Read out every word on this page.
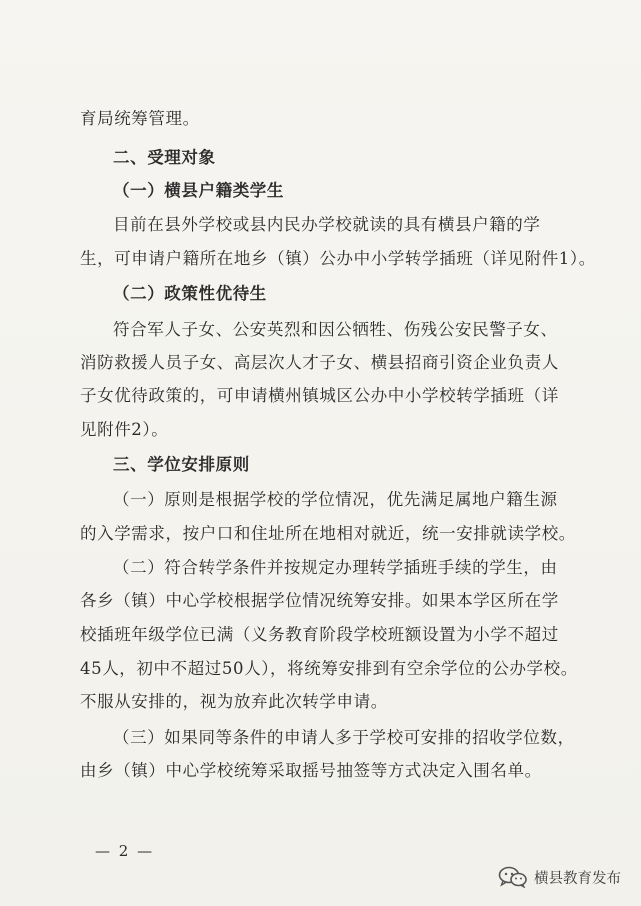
育局统筹管理。
二、受理对象
（一）横县户籍类学生
目前在县外学校或县内民办学校就读的具有横县户籍的学
生，可申请户籍所在地乡（镇）公办中小学转学插班（详见附件1）。
（二）政策性优待生
符合军人子女、公安英烈和因公牺牲、伤残公安民警子女、
消防救援人员子女、高层次人才子女、横县招商引资企业负责人
子女优待政策的，可申请横州镇城区公办中小学校转学插班（详
见附件2）。
三、学位安排原则
（一）原则是根据学校的学位情况，优先满足属地户籍生源
的入学需求，按户口和住址所在地相对就近，统一安排就读学校。
（二）符合转学条件并按规定办理转学插班手续的学生，由
各乡（镇）中心学校根据学位情况统筹安排。如果本学区所在学
校插班年级学位已满（义务教育阶段学校班额设置为小学不超过
45人，初中不超过50人），将统筹安排到有空余学位的公办学校。
不服从安排的，视为放弃此次转学申请。
（三）如果同等条件的申请人多于学校可安排的招收学位数，
由乡（镇）中心学校统筹采取摇号抽签等方式决定入围名单。
— 2 —
横县教育发布
